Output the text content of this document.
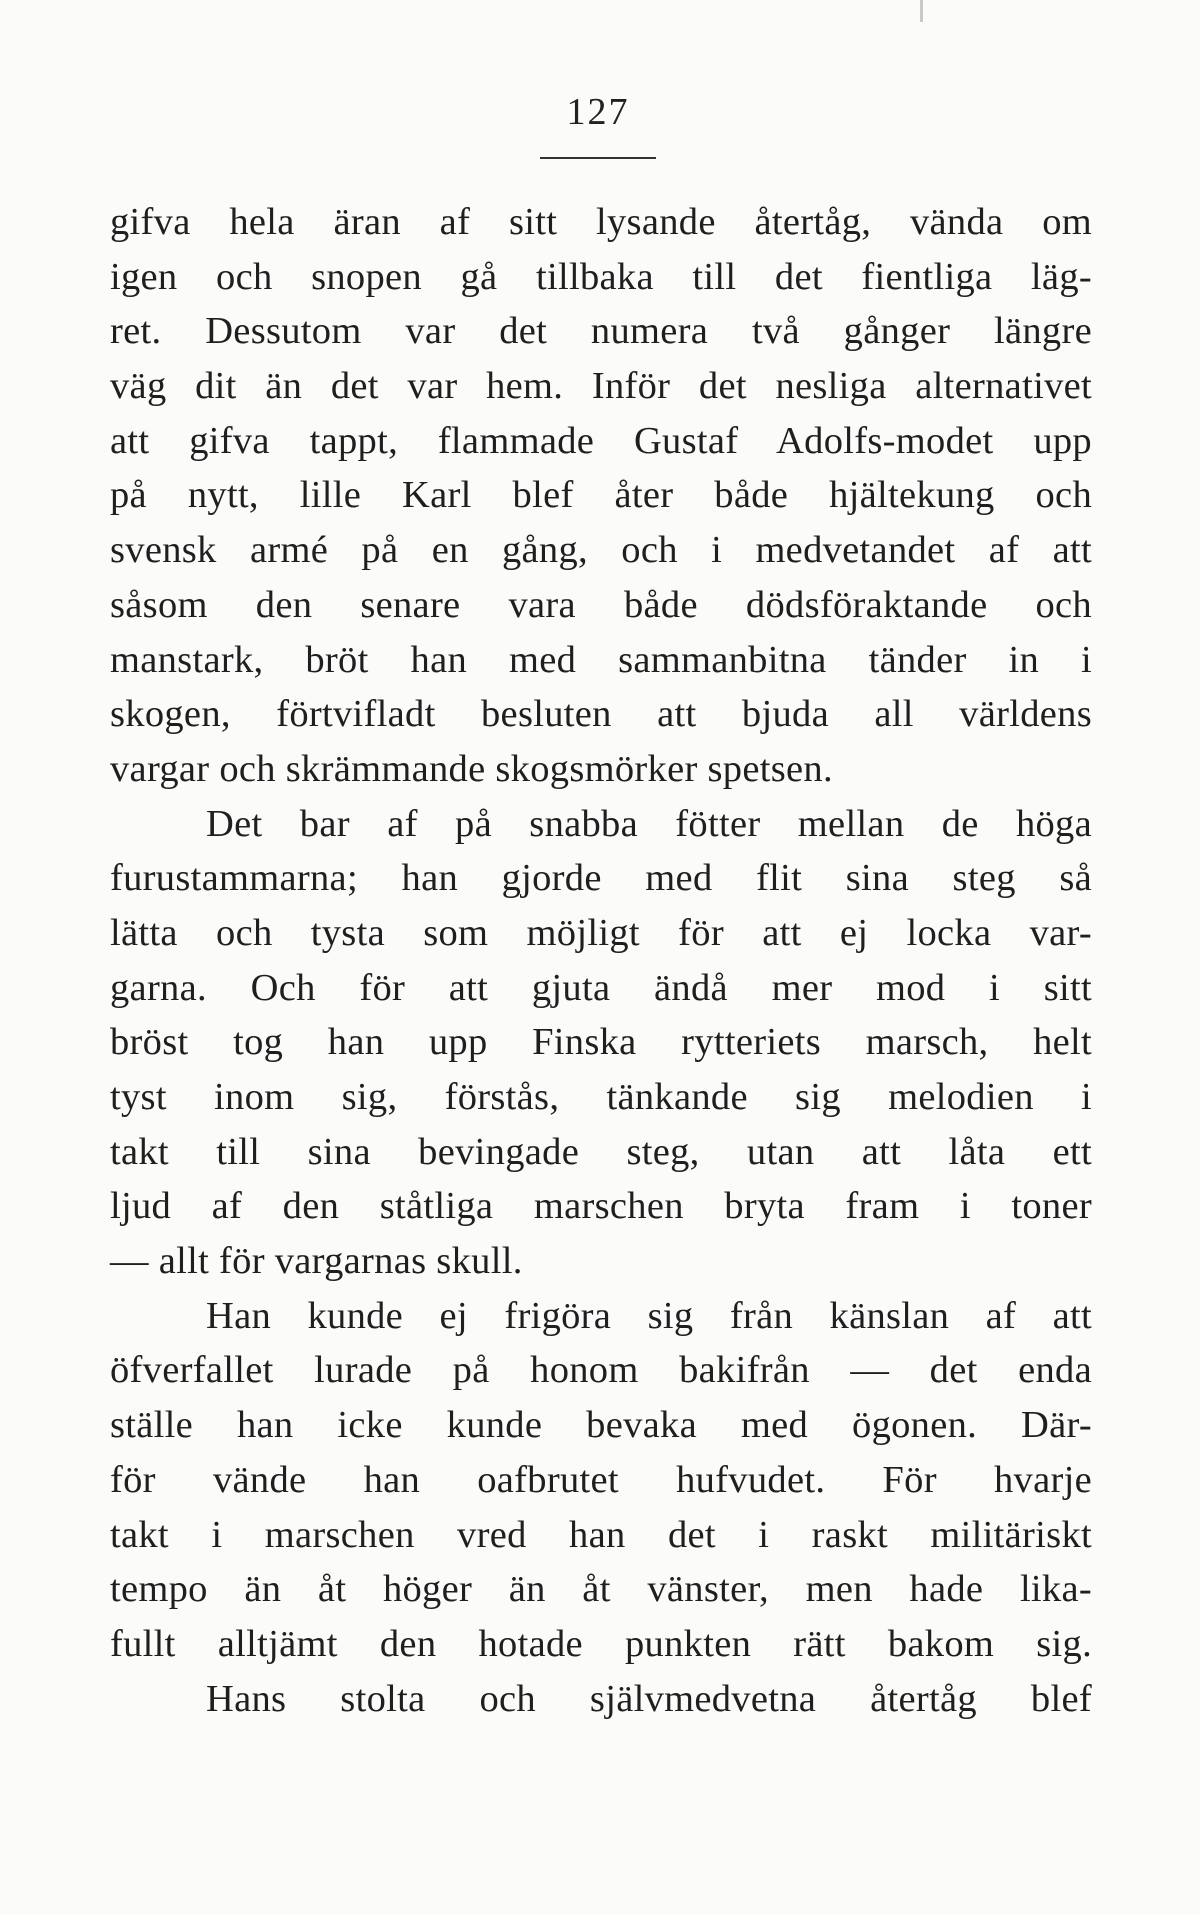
127
gifva hela äran af sitt lysande återtåg, vända om
igen och snopen gå tillbaka till det fientliga läg-
ret. Dessutom var det numera två gånger längre
väg dit än det var hem. Inför det nesliga alternativet
att gifva tappt, flammade Gustaf Adolfs-modet upp
på nytt, lille Karl blef åter både hjältekung och
svensk armé på en gång, och i medvetandet af att
såsom den senare vara både dödsföraktande och
manstark, bröt han med sammanbitna tänder in i
skogen, förtvifladt besluten att bjuda all världens
vargar och skrämmande skogsmörker spetsen.
Det bar af på snabba fötter mellan de höga
furustammarna; han gjorde med flit sina steg så
lätta och tysta som möjligt för att ej locka var-
garna. Och för att gjuta ändå mer mod i sitt
bröst tog han upp Finska rytteriets marsch, helt
tyst inom sig, förstås, tänkande sig melodien i
takt till sina bevingade steg, utan att låta ett
ljud af den ståtliga marschen bryta fram i toner
— allt för vargarnas skull.
Han kunde ej frigöra sig från känslan af att
öfverfallet lurade på honom bakifrån — det enda
ställe han icke kunde bevaka med ögonen. Där-
för vände han oafbrutet hufvudet. För hvarje
takt i marschen vred han det i raskt militäriskt
tempo än åt höger än åt vänster, men hade lika-
fullt alltjämt den hotade punkten rätt bakom sig.
Hans stolta och självmedvetna återtåg blef
